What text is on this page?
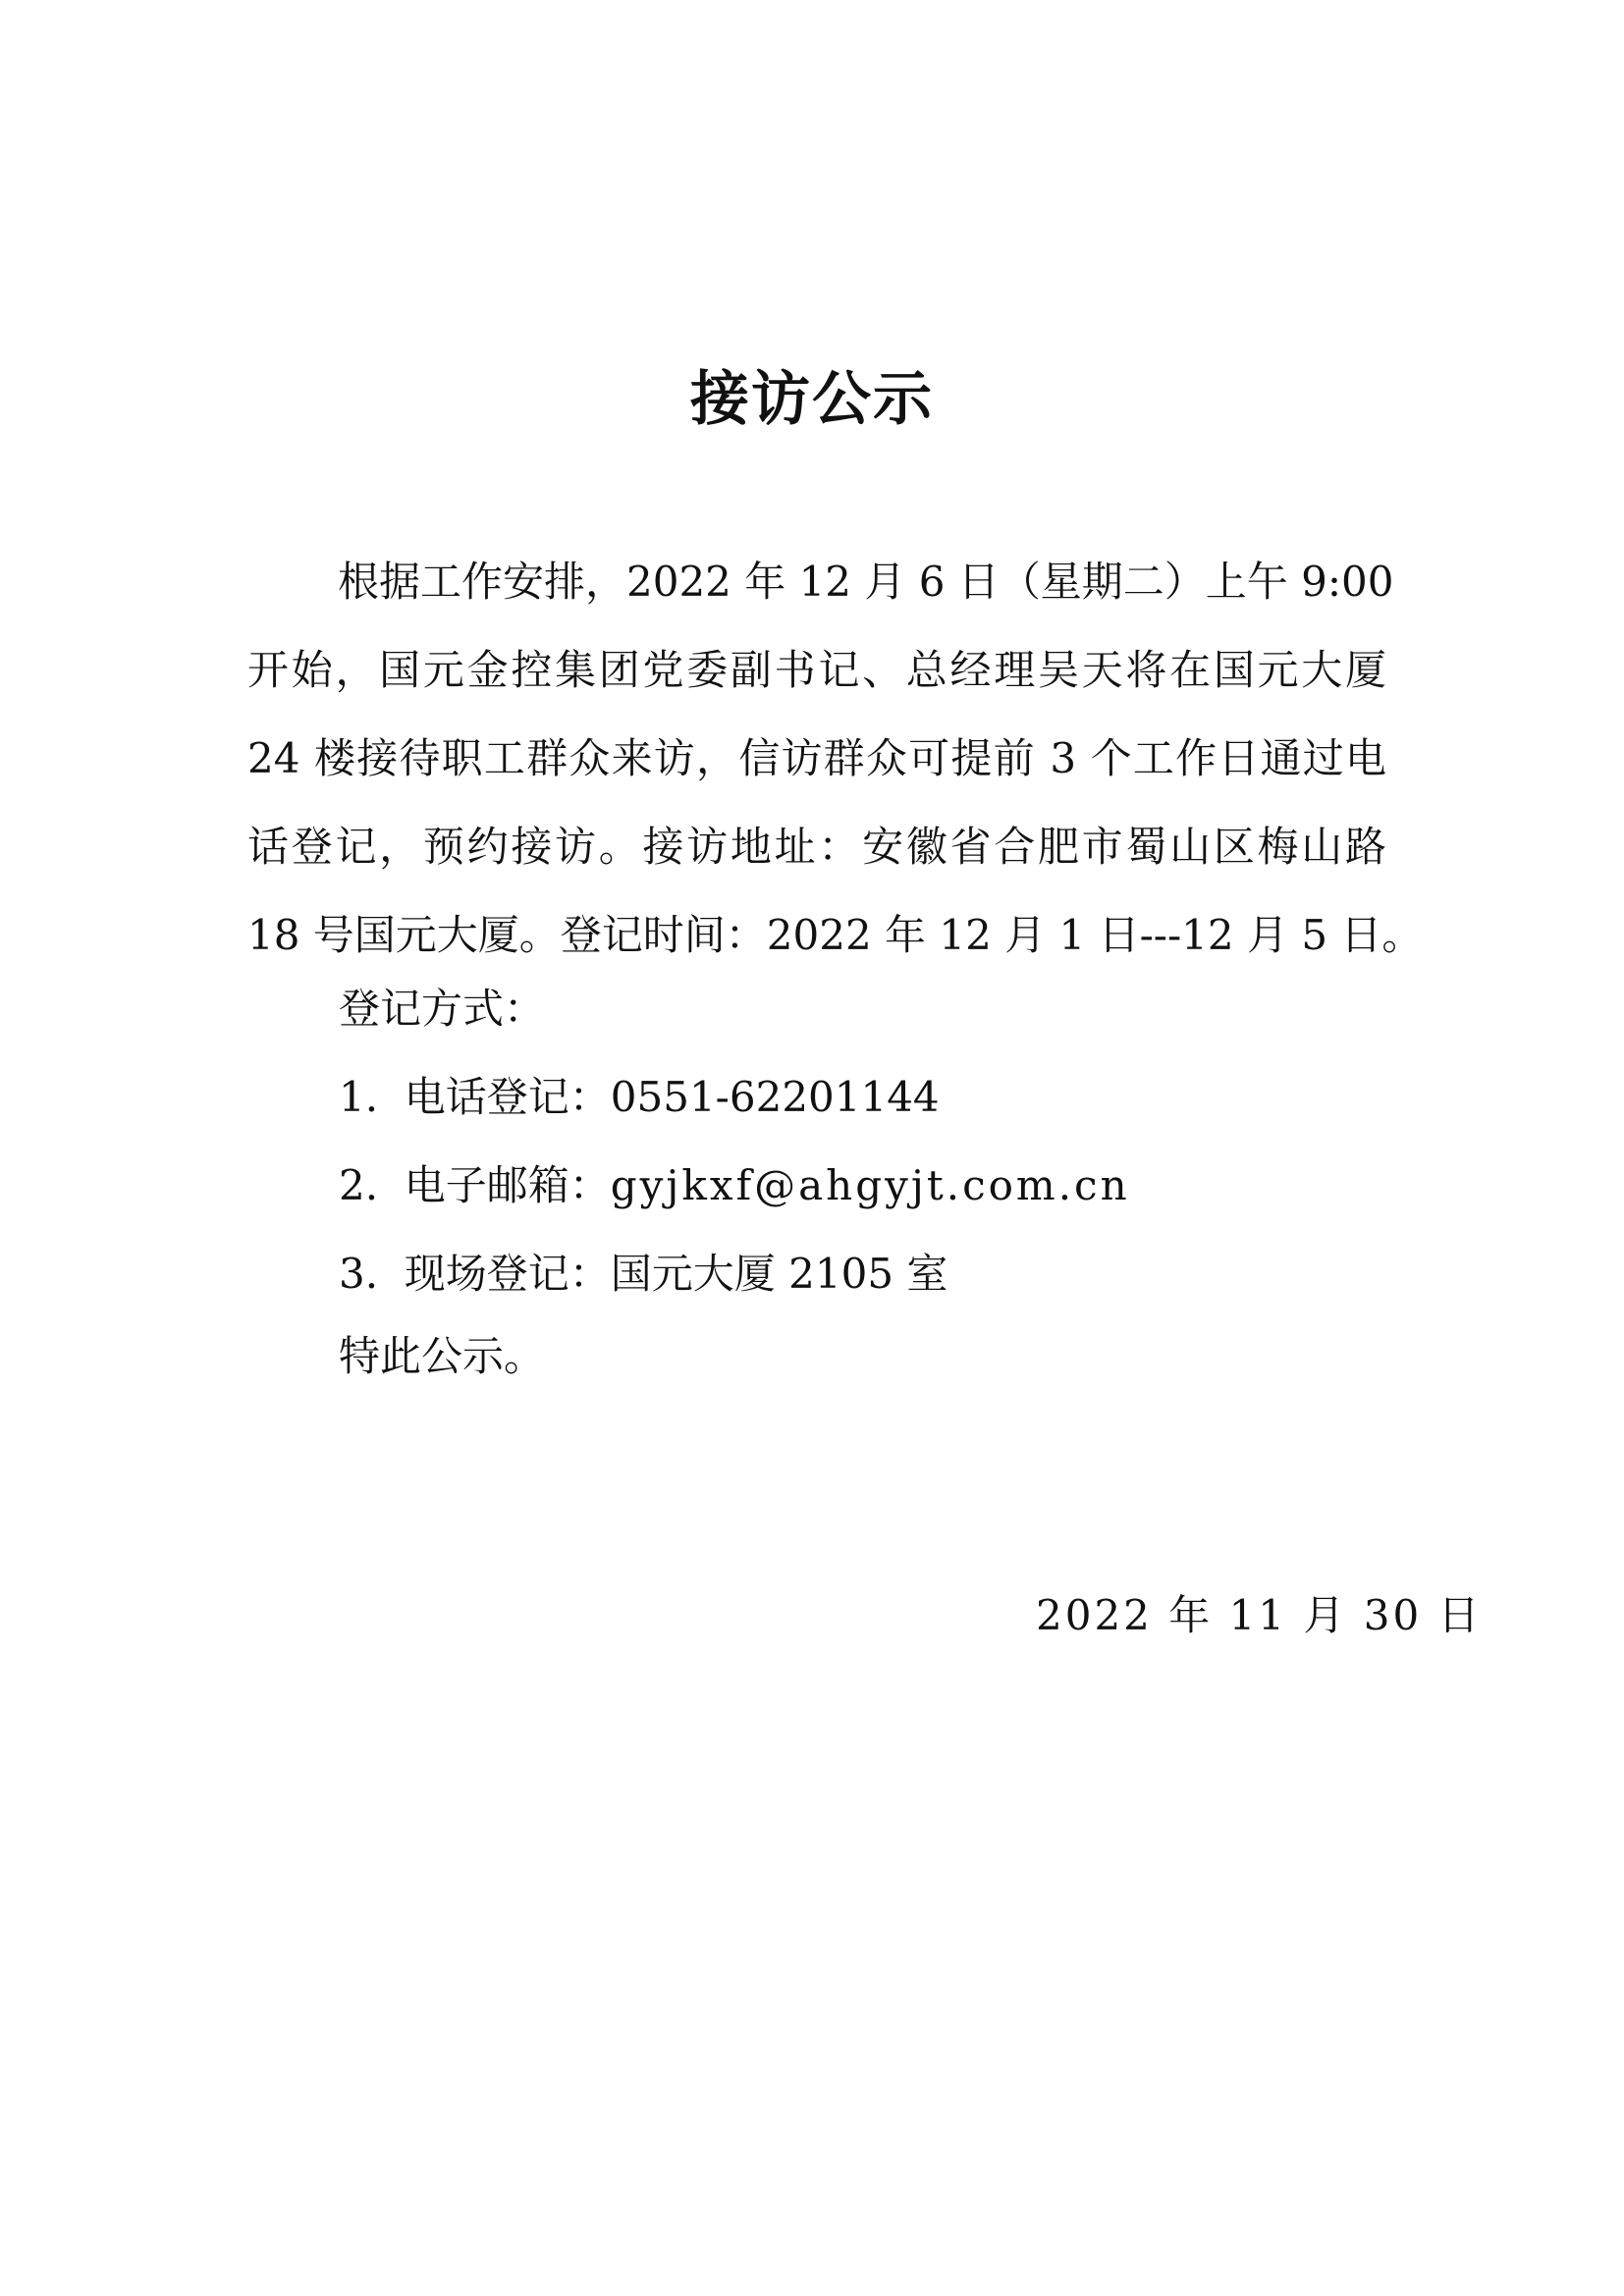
接访公示
根据工作安排，2022 年 12 月 6 日（星期二）上午 9:00
开始，国元金控集团党委副书记、总经理吴天将在国元大厦
24 楼接待职工群众来访，信访群众可提前 3 个工作日通过电
话登记，预约接访。接访地址：安徽省合肥市蜀山区梅山路
18 号国元大厦。登记时间：2022 年 12 月 1 日---12 月 5 日。
登记方式：
1. 电话登记：0551-62201144
2. 电子邮箱：gyjkxf@ahgyjt.com.cn
3. 现场登记：国元大厦 2105 室
特此公示。
2022 年 11 月 30 日
